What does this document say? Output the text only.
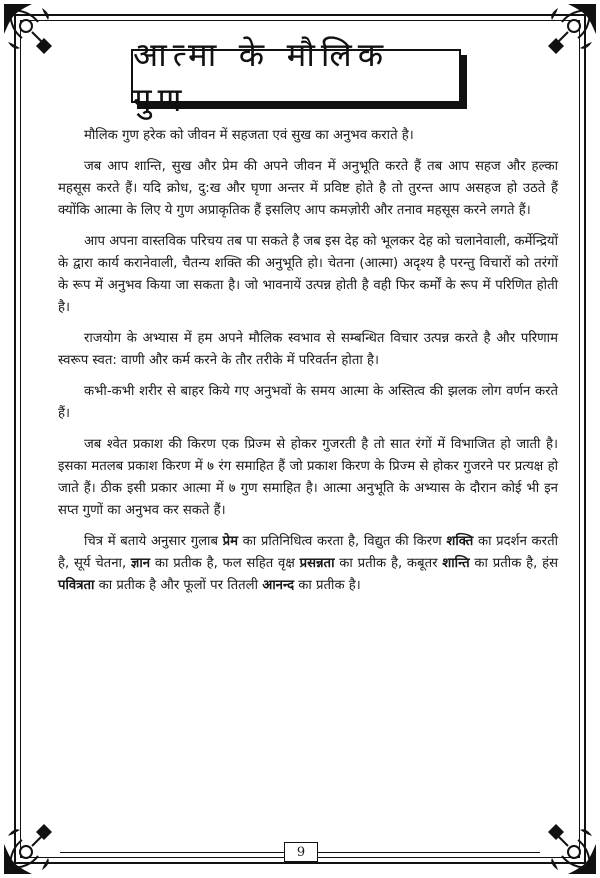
आत्मा के मौलिक गुण

मौलिक गुण हरेक को जीवन में सहजता एवं सुख का अनुभव कराते है।

जब आप शान्ति, सुख और प्रेम की अपने जीवन में अनुभूति करते हैं तब आप सहज और हल्का महसूस करते हैं। यदि क्रोध, दु:ख और घृणा अन्तर में प्रविष्ट होते है तो तुरन्त आप असहज हो उठते हैं क्योंकि आत्मा के लिए ये गुण अप्राकृतिक हैं इसलिए आप कमज़ोरी और तनाव महसूस करने लगते हैं।

आप अपना वास्तविक परिचय तब पा सकते है जब इस देह को भूलकर देह को चलानेवाली, कर्मेन्द्रियों के द्वारा कार्य करानेवाली, चैतन्य शक्ति की अनुभूति हो। चेतना (आत्मा) अदृश्य है परन्तु विचारों को तरंगों के रूप में अनुभव किया जा सकता है। जो भावनायें उत्पन्न होती है वही फिर कर्मों के रूप में परिणित होती है।

राजयोग के अभ्यास में हम अपने मौलिक स्वभाव से सम्बन्धित विचार उत्पन्न करते है और परिणाम स्वरूप स्वत: वाणी और कर्म करने के तौर तरीके में परिवर्तन होता है।

कभी-कभी शरीर से बाहर किये गए अनुभवों के समय आत्मा के अस्तित्व की झलक लोग वर्णन करते हैं।

जब श्वेत प्रकाश की किरण एक प्रिज्म से होकर गुजरती है तो सात रंगों में विभाजित हो जाती है। इसका मतलब प्रकाश किरण में ७ रंग समाहित हैं जो प्रकाश किरण के प्रिज्म से होकर गुजरने पर प्रत्यक्ष हो जाते हैं। ठीक इसी प्रकार आत्मा में ७ गुण समाहित है। आत्मा अनुभूति के अभ्यास के दौरान कोई भी इन सप्त गुणों का अनुभव कर सकते हैं।

चित्र में बताये अनुसार गुलाब प्रेम का प्रतिनिधित्व करता है, विद्युत की किरण शक्ति का प्रदर्शन करती है, सूर्य चेतना, ज्ञान का प्रतीक है, फल सहित वृक्ष प्रसन्नता का प्रतीक है, कबूतर शान्ति का प्रतीक है, हंस पवित्रता का प्रतीक है और फूलों पर तितली आनन्द का प्रतीक है।

9
